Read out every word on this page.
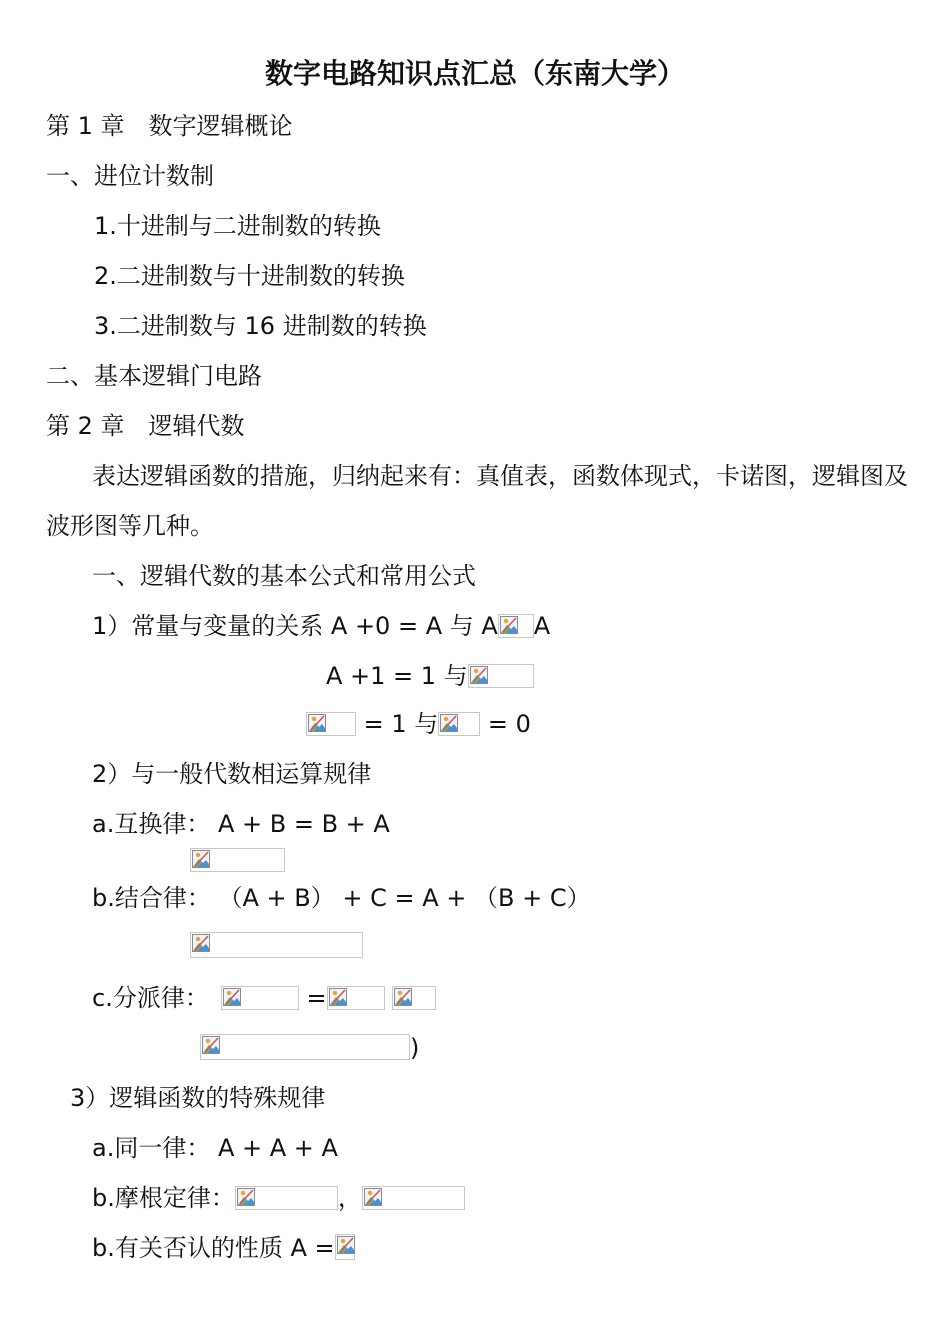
数字电路知识点汇总（东南大学）
第 1 章 数字逻辑概论
一、进位计数制
1.十进制与二进制数的转换
2.二进制数与十进制数的转换
3.二进制数与 16 进制数的转换
二、基本逻辑门电路
第 2 章 逻辑代数
表达逻辑函数的措施，归纳起来有：真值表，函数体现式，卡诺图，逻辑图及
波形图等几种。
一、逻辑代数的基本公式和常用公式
1）常量与变量的关系 A +0 = A 与 A A
A +1 = 1 与
= 1 与 = 0
2）与一般代数相运算规律
a.互换律： A + B = B + A
b.结合律： （A + B） + C = A + （B + C）
c.分派律：	=

)
3）逻辑函数的特殊规律
a.同一律： A + A + A
b.摩根定律：	，
b.有关否认的性质 A =
